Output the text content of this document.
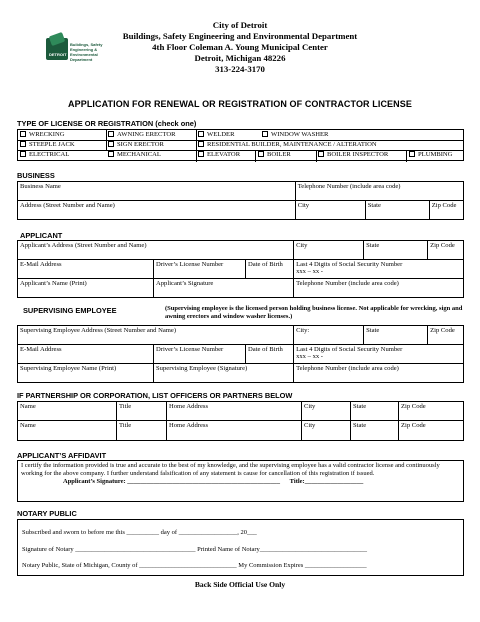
DETROIT
Buildings, Safety Engineering & Environmental Department
City of Detroit
Buildings, Safety Engineering and Environmental Department
4th Floor Coleman A. Young Municipal Center
Detroit, Michigan 48226
313-224-3170
APPLICATION FOR RENEWAL OR REGISTRATION OF CONTRACTOR LICENSE
TYPE OF LICENSE OR REGISTRATION (check one)
WRECKING	AWNING ERECTOR	WELDER	WINDOW WASHER
STEEPLE JACK	SIGN ERECTOR	RESIDENTIAL BUILDER, MAINTENANCE / ALTERATION
ELECTRICAL	MECHANICAL	ELEVATOR	BOILER	BOILER INSPECTOR	PLUMBING
BUSINESS
Business Name	Telephone Number (include area code)		
Address (Street Number and Name)	City	State	Zip Code
APPLICANT
Applicant’s Address (Street Number and Name)			City	State	Zip Code
E-Mail Address	Driver’s License Number	Date of Birth	Last 4 Digits of Social Security Number
xxx – xx -		

Applicant’s Name (Print)	Applicant’s Signature		Telephone Number (include area code)		
SUPERVISING EMPLOYEE	(Supervising employee is the licensed person holding business license. Not applicable for wrecking, sign and awning erectors and window washer licenses.)
Supervising Employee Address (Street Number and Name)			City:	State	Zip Code
E-Mail Address	Driver’s License Number	Date of Birth	Last 4 Digits of Social Security Number
xxx – xx -		

Supervising Employee Name (Print)	Supervising Employee (Signature)		Telephone Number (include area code)		
IF PARTNERSHIP OR CORPORATION, LIST OFFICERS OR PARTNERS BELOW
Name	Title	Home Address	City	State	Zip Code
Name	Title	Home Address	City	State	Zip Code
APPLICANT’S AFFIDAVIT
I certify the information provided is true and accurate to the best of my knowledge, and the supervising employee has a valid contractor license and continuously working for the above company. I further understand falsification of any statement is cause for cancellation of this registration if issued.
Applicant’s Signature: _______________________________________________ Title:__________________
NOTARY PUBLIC
Subscribed and sworn to before me this __________ day of __________________, 20___
Signature of Notary _____________________________________ Printed Name of Notary_________________________________
Notary Public, State of Michigan, County of ______________________________ My Commission Expires ___________________
Back Side Official Use Only
